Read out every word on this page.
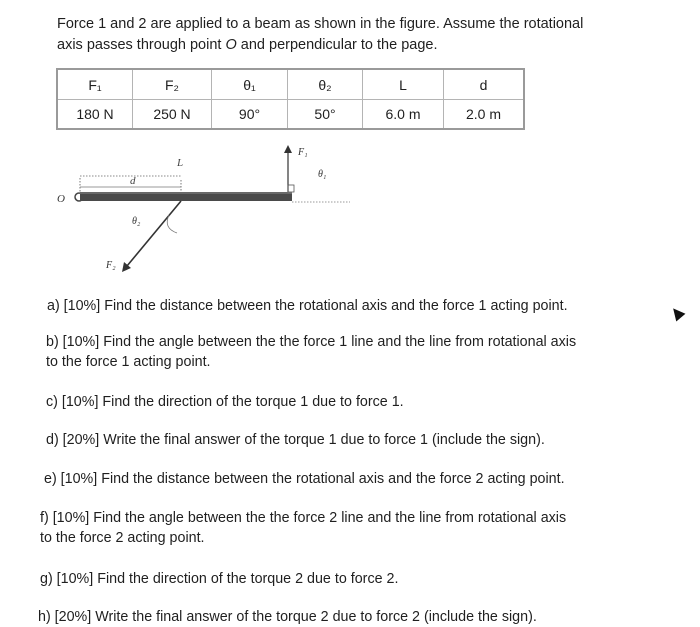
Force 1 and 2 are applied to a beam as shown in the figure. Assume the rotational
axis passes through point O and perpendicular to the page.
F₁	F₂	θ₁	θ₂	L	d
180 N	250 N	90°	50°	6.0 m	2.0 m
O
d
L
F₁
θ₁
θ₂
F₂
a) [10%] Find the distance between the rotational axis and the force 1 acting point.
b) [10%] Find the angle between the the force 1 line and the line from rotational axis
to the force 1 acting point.
c) [10%] Find the direction of the torque 1 due to force 1.
d) [20%] Write the final answer of the torque 1 due to force 1 (include the sign).
e) [10%] Find the distance between the rotational axis and the force 2 acting point.
f) [10%] Find the angle between the the force 2 line and the line from rotational axis
to the force 2 acting point.
g) [10%] Find the direction of the torque 2 due to force 2.
h) [20%] Write the final answer of the torque 2 due to force 2 (include the sign).
